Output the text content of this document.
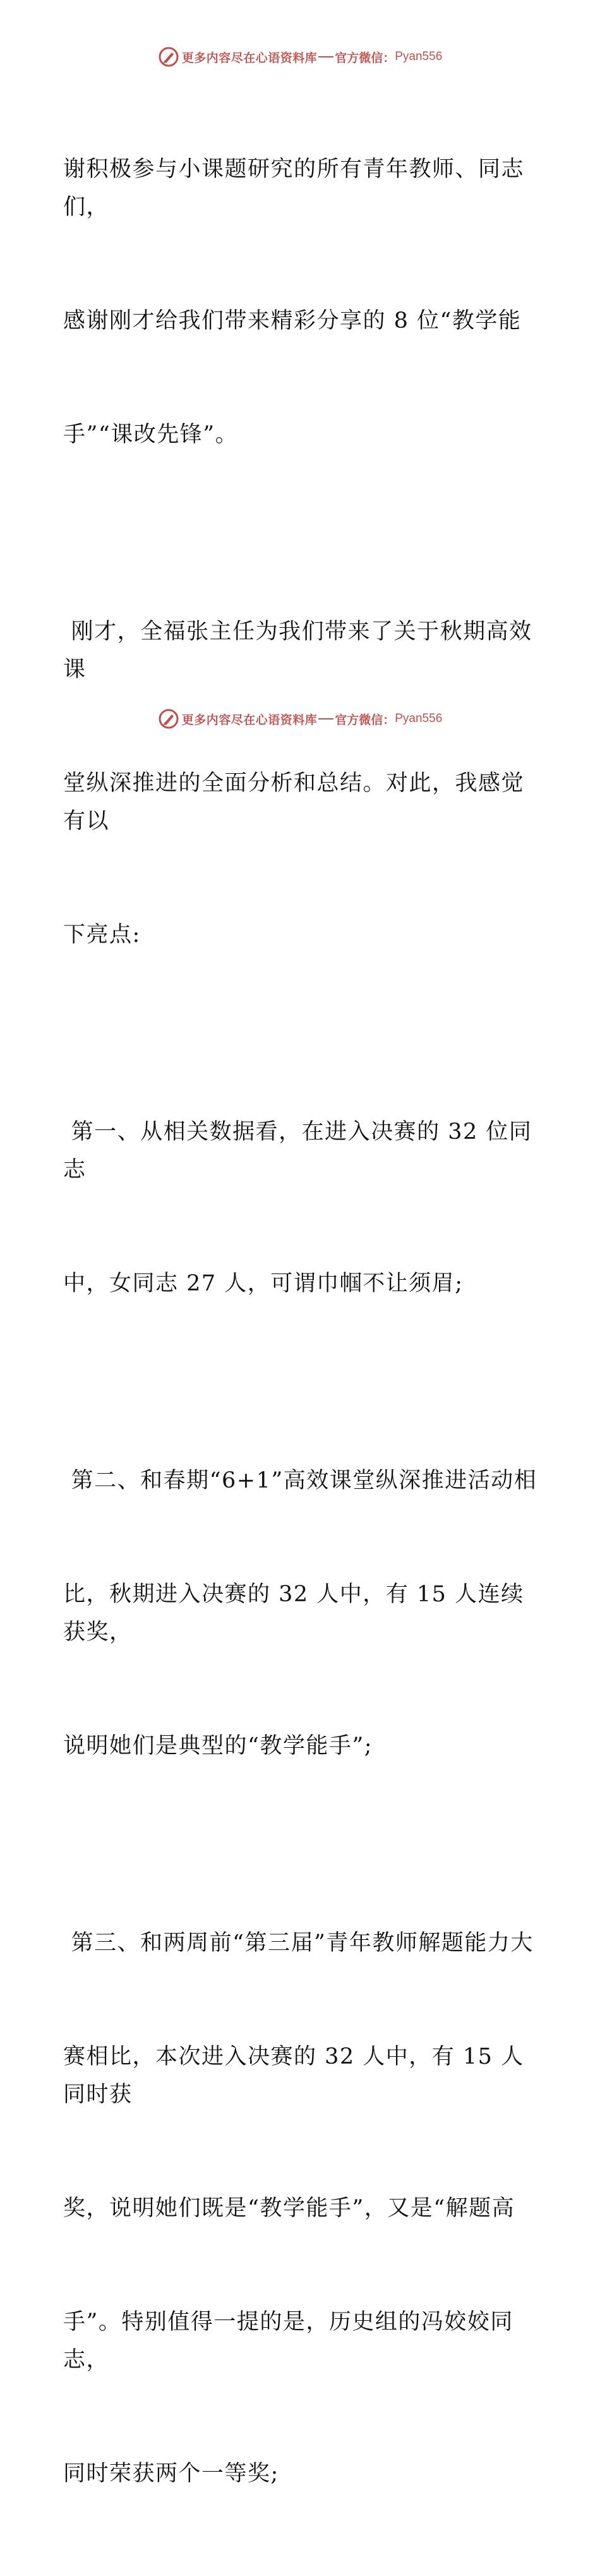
更多内容尽在心语资料库 官方微信： Pyan556

谢积极参与小课题研究的所有青年教师、同志们，

感谢刚才给我们带来精彩分享的 8 位“教学能

手”“课改先锋”。

刚才，全福张主任为我们带来了关于秋期高效课

堂纵深推进的全面分析和总结。对此，我感觉有以

下亮点:

第一、从相关数据看，在进入决赛的 32 位同志

中，女同志 27 人，可谓巾帼不让须眉;

第二、和春期“6+1”高效课堂纵深推进活动相

比，秋期进入决赛的 32 人中，有 15 人连续获奖，

说明她们是典型的“教学能手”;

第三、和两周前“第三届”青年教师解题能力大

赛相比，本次进入决赛的 32 人中，有 15 人同时获

奖，说明她们既是“教学能手”，又是“解题高

手”。特别值得一提的是，历史组的冯姣姣同志，

同时荣获两个一等奖;

更多内容尽在心语资料库 官方微信： Pyan556
